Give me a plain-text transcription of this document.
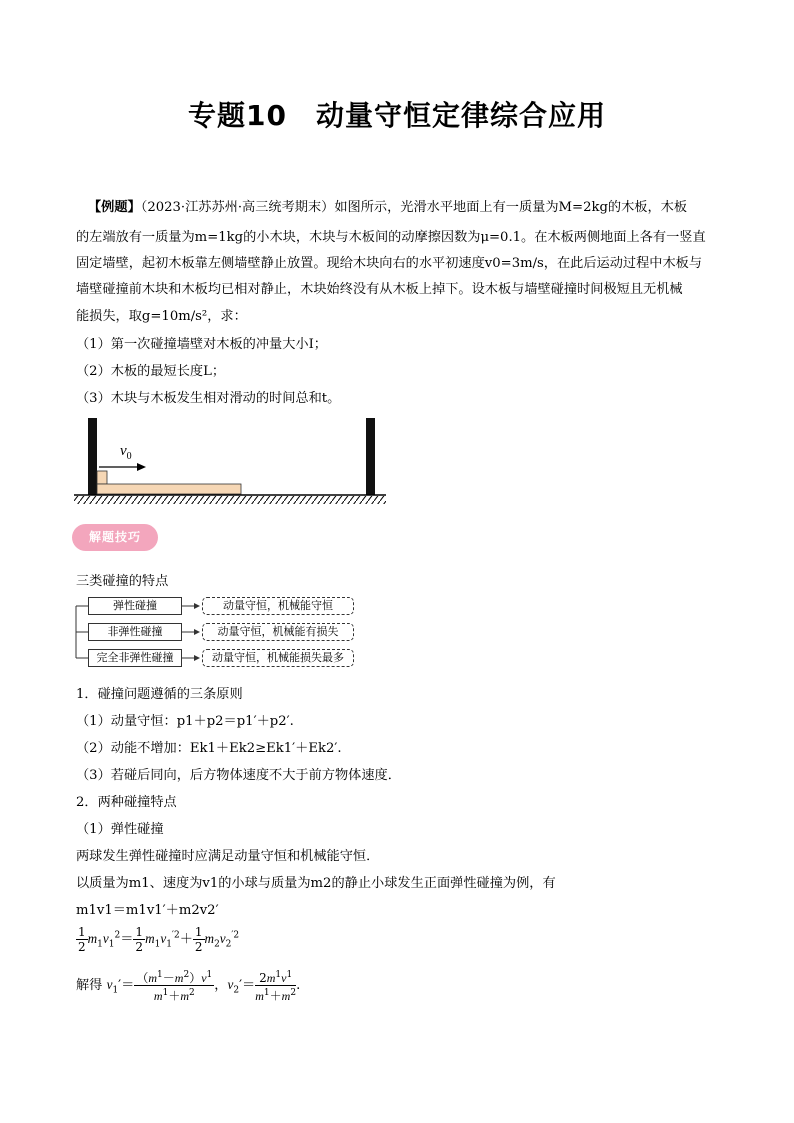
专题10　动量守恒定律综合应用
【例题】（2023·江苏苏州·高三统考期末）如图所示，光滑水平地面上有一质量为M=2kg的木板，木板
的左端放有一质量为m=1kg的小木块，木块与木板间的动摩擦因数为μ=0.1。在木板两侧地面上各有一竖直
固定墙壁，起初木板靠左侧墙壁静止放置。现给木块向右的水平初速度v0=3m/s，在此后运动过程中木板与
墙壁碰撞前木块和木板均已相对静止，木块始终没有从木板上掉下。设木板与墙壁碰撞时间极短且无机械
能损失，取g=10m/s²，求：
（1）第一次碰撞墙壁对木板的冲量大小I；
（2）木板的最短长度L；
（3）木块与木板发生相对滑动的时间总和t。
$v_0$
解题技巧
三类碰撞的特点
弹性碰撞
非弹性碰撞
完全非弹性碰撞
动量守恒，机械能守恒
动量守恒，机械能有损失
动量守恒，机械能损失最多
1．碰撞问题遵循的三条原则
（1）动量守恒：p1＋p2＝p1′＋p2′.
（2）动能不增加：Ek1＋Ek2≥Ek1′＋Ek2′.
（3）若碰后同向，后方物体速度不大于前方物体速度．
2．两种碰撞特点
（1）弹性碰撞
两球发生弹性碰撞时应满足动量守恒和机械能守恒．
以质量为m1、速度为v1的小球与质量为m2的静止小球发生正面弹性碰撞为例，有
m1v1＝m1v1′＋m2v2′
$\frac{1}{2} m_1v_1^2= \frac{1}{2} m_1v_1^{'2}+ \frac{1}{2} m_2v_2^{'2}$
解得 $v_1'= \frac{(m^1-m^2)v^1}{m^1+m^2}$ ，$v_2'= \frac{2m^1v^1}{m^1+m^2}$ .
